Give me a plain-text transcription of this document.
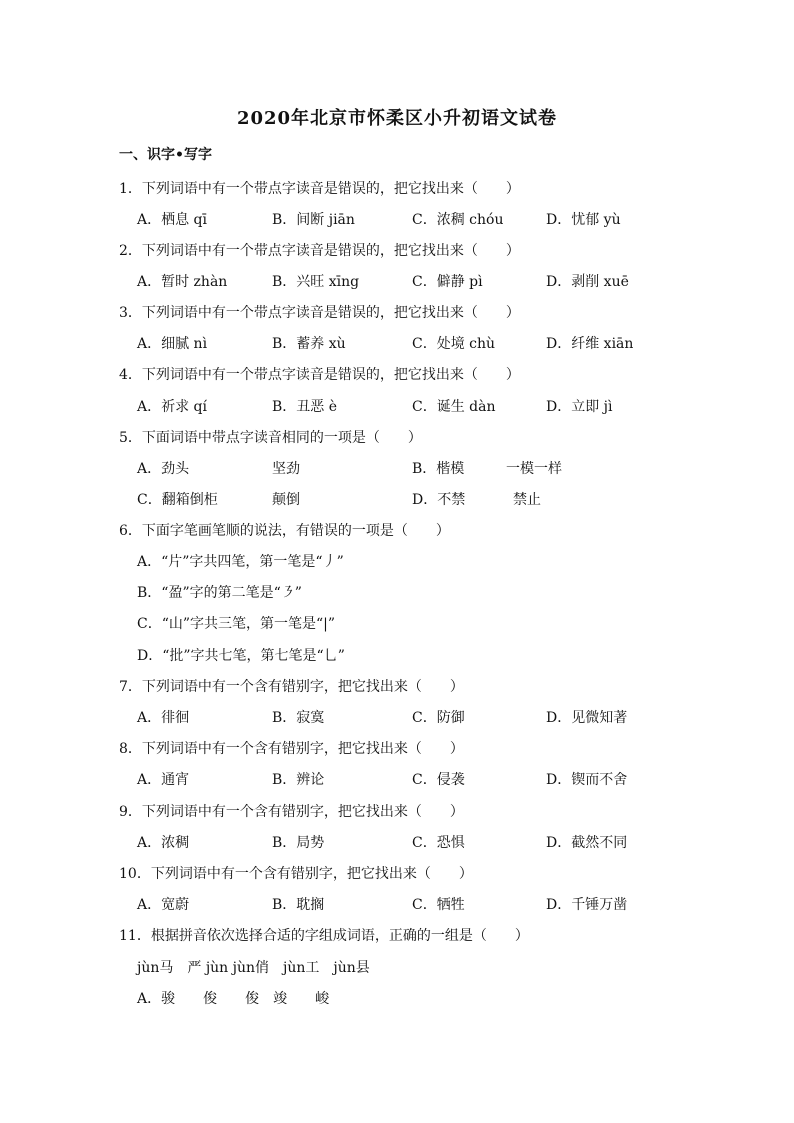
2020年北京市怀柔区小升初语文试卷
一、识字•写字
1．下列词语中有一个带点字读音是错误的，把它找出来（　　）
A．栖息 qī	B．间断 jiān	C．浓稠 chóu	D．忧郁 yù
2．下列词语中有一个带点字读音是错误的，把它找出来（　　）
A．暂时 zhàn	B．兴旺 xīng	C．僻静 pì	D．剥削 xuē
3．下列词语中有一个带点字读音是错误的，把它找出来（　　）
A．细腻 nì	B．蓄养 xù	C．处境 chù	D．纤维 xiān
4．下列词语中有一个带点字读音是错误的，把它找出来（　　）
A．祈求 qí	B．丑恶 è	C．诞生 dàn	D．立即 jì
5．下面词语中带点字读音相同的一项是（　　）
A．劲头	坚劲	B．楷模	一模一样
C．翻箱倒柜	颠倒	D．不禁	禁止
6．下面字笔画笔顺的说法，有错误的一项是（　　）
A．“片”字共四笔，第一笔是“丿”
B．“盈”字的第二笔是“㇋”
C．“山”字共三笔，第一笔是“|”
D．“批”字共七笔，第七笔是“乚”
7．下列词语中有一个含有错别字，把它找出来（　　）
A．徘徊	B．寂寞	C．防御	D．见微知著
8．下列词语中有一个含有错别字，把它找出来（　　）
A．通宵	B．辨论	C．侵袭	D．锲而不舍
9．下列词语中有一个含有错别字，把它找出来（　　）
A．浓稠	B．局势	C．恐惧	D．截然不同
10．下列词语中有一个含有错别字，把它找出来（　　）
A．宽蔚	B．耽搁	C．牺牲	D．千锤万凿
11．根据拼音依次选择合适的字组成词语，正确的一组是（　　）
jùn马　严 jùn jùn俏　jùn工　jùn县
A．骏　　俊　　俊　竣　　峻
